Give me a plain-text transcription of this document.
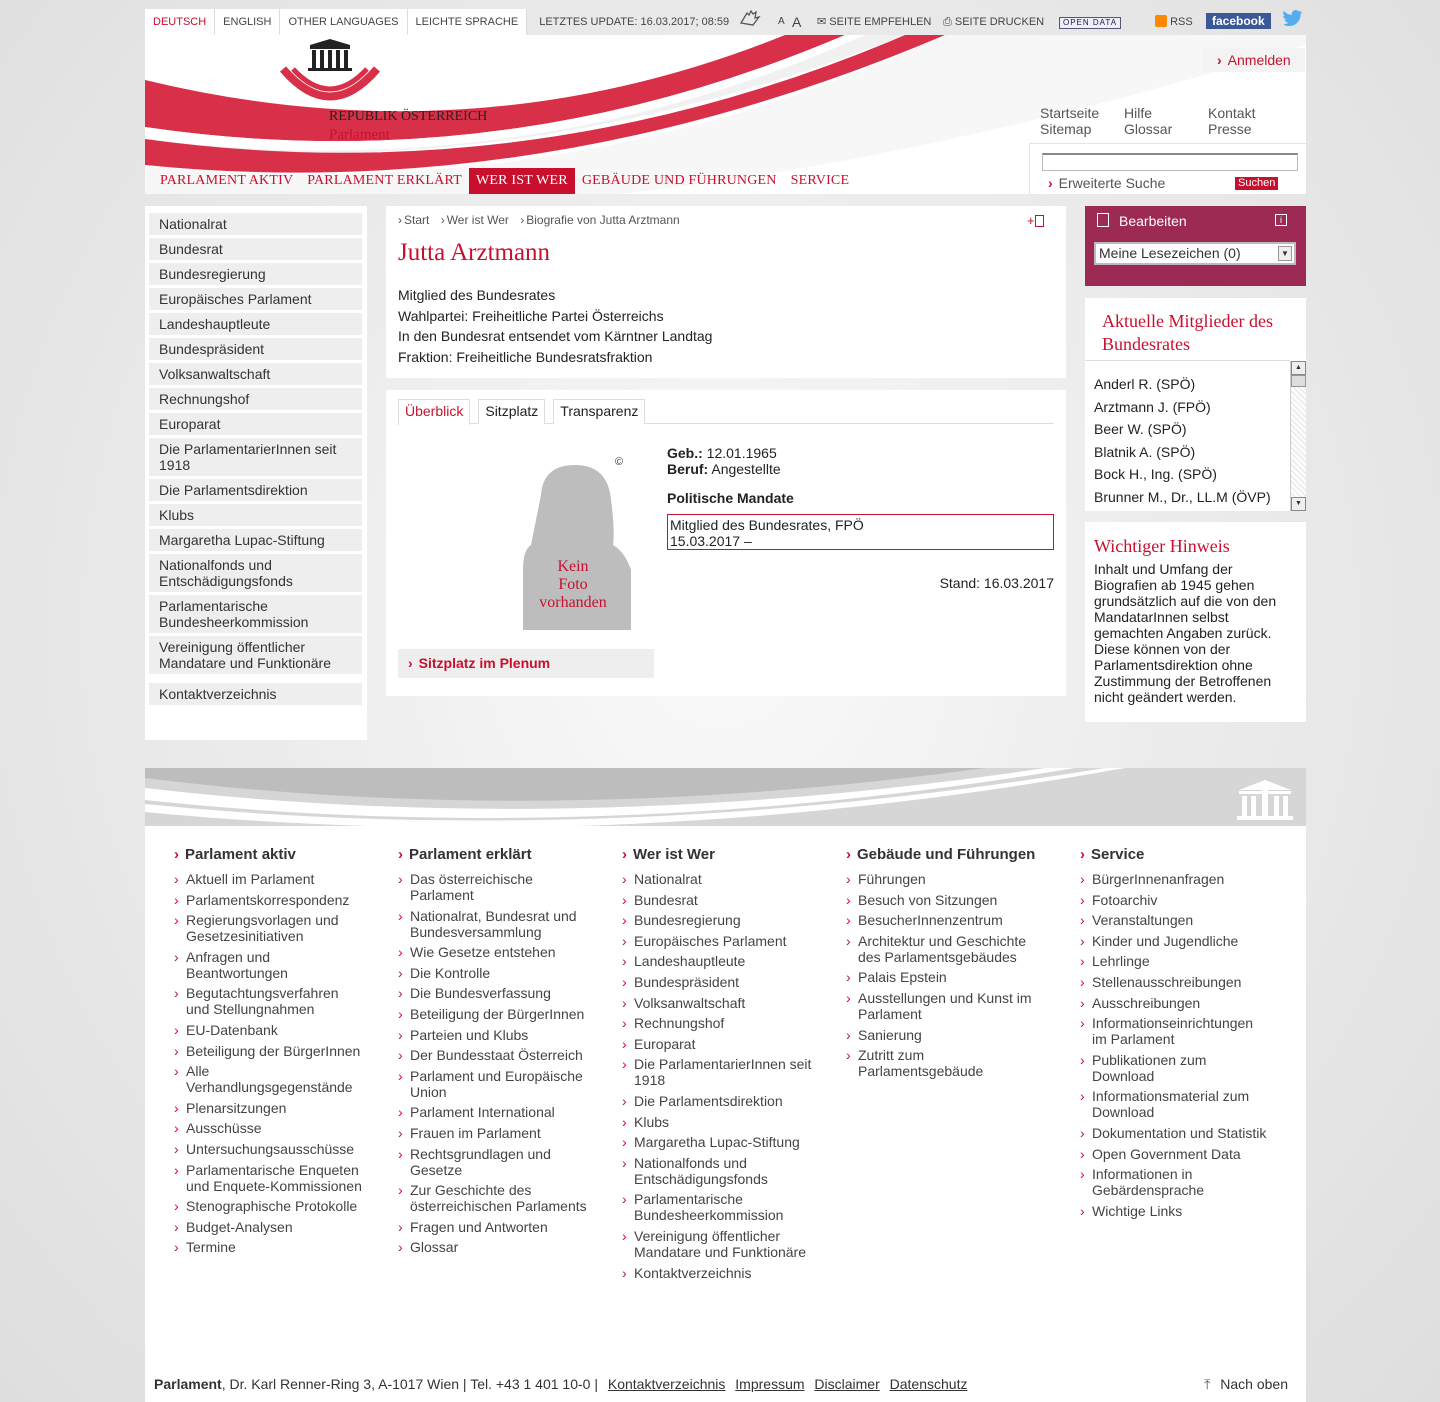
DEUTSCH	ENGLISH	OTHER LANGUAGES	LEICHTE SPRACHE	LETZTES UPDATE: 16.03.2017; 08:59	A A ✉ SEITE EMPFEHLEN ⎙ SEITE DRUCKEN	OPEN DATA	RSS	facebook
REPUBLIK ÖSTERREICH
Parlament
› Anmelden
Startseite	Hilfe	Kontakt
Sitemap	Glossar	Presse
› Erweiterte Suche	Suchen
PARLAMENT AKTIV	PARLAMENT ERKLÄRT	WER IST WER	GEBÄUDE UND FÜHRUNGEN	SERVICE
Nationalrat
Bundesrat
Bundesregierung
Europäisches Parlament
Landeshauptleute
Bundespräsident
Volksanwaltschaft
Rechnungshof
Europarat
Die ParlamentarierInnen seit 1918
Die Parlamentsdirektion
Klubs
Margaretha Lupac-Stiftung
Nationalfonds und Entschädigungsfonds
Parlamentarische Bundesheerkommission
Vereinigung öffentlicher Mandatare und Funktionäre
Kontaktverzeichnis
› Start › Wer ist Wer › Biografie von Jutta Arztmann	+
Jutta Arztmann
Mitglied des Bundesrates
Wahlpartei: Freiheitliche Partei Österreichs
In den Bundesrat entsendet vom Kärntner Landtag
Fraktion: Freiheitliche Bundesratsfraktion
Überblick	Sitzplatz	Transparenz
©
Kein
Foto
vorhanden
Geb.: 12.01.1965
Beruf: Angestellte
Politische Mandate
Mitglied des Bundesrates, FPÖ
15.03.2017 –
Stand: 16.03.2017
› Sitzplatz im Plenum
Bearbeiten	i
Meine Lesezeichen (0)	▼
Aktuelle Mitglieder des Bundesrates
Anderl R. (SPÖ)
Arztmann J. (FPÖ)
Beer W. (SPÖ)
Blatnik A. (SPÖ)
Bock H., Ing. (SPÖ)
Brunner M., Dr., LL.M (ÖVP)
▲
▼
Wichtiger Hinweis
Inhalt und Umfang der Biografien ab 1945 gehen grundsätzlich auf die von den MandatarInnen selbst gemachten Angaben zurück. Diese können von der Parlamentsdirektion ohne Zustimmung der Betroffenen nicht geändert werden.
› Parlament aktiv
› Aktuell im Parlament
› Parlamentskorrespondenz
› Regierungsvorlagen und Gesetzesinitiativen
› Anfragen und Beantwortungen
› Begutachtungsverfahren und Stellungnahmen
› EU-Datenbank
› Beteiligung der BürgerInnen
› Alle Verhandlungsgegenstände
› Plenarsitzungen
› Ausschüsse
› Untersuchungsausschüsse
› Parlamentarische Enqueten und Enquete-Kommissionen
› Stenographische Protokolle
› Budget-Analysen
› Termine
› Parlament erklärt
› Das österreichische Parlament
› Nationalrat, Bundesrat und Bundesversammlung
› Wie Gesetze entstehen
› Die Kontrolle
› Die Bundesverfassung
› Beteiligung der BürgerInnen
› Parteien und Klubs
› Der Bundesstaat Österreich
› Parlament und Europäische Union
› Parlament International
› Frauen im Parlament
› Rechtsgrundlagen und Gesetze
› Zur Geschichte des österreichischen Parlaments
› Fragen und Antworten
› Glossar
› Wer ist Wer
› Nationalrat
› Bundesrat
› Bundesregierung
› Europäisches Parlament
› Landeshauptleute
› Bundespräsident
› Volksanwaltschaft
› Rechnungshof
› Europarat
› Die ParlamentarierInnen seit 1918
› Die Parlamentsdirektion
› Klubs
› Margaretha Lupac-Stiftung
› Nationalfonds und Entschädigungsfonds
› Parlamentarische Bundesheerkommission
› Vereinigung öffentlicher Mandatare und Funktionäre
› Kontaktverzeichnis
› Gebäude und Führungen
› Führungen
› Besuch von Sitzungen
› BesucherInnenzentrum
› Architektur und Geschichte des Parlamentsgebäudes
› Palais Epstein
› Ausstellungen und Kunst im Parlament
› Sanierung
› Zutritt zum Parlamentsgebäude
› Service
› BürgerInnenanfragen
› Fotoarchiv
› Veranstaltungen
› Kinder und Jugendliche
› Lehrlinge
› Stellenausschreibungen
› Ausschreibungen
› Informationseinrichtungen im Parlament
› Publikationen zum Download
› Informationsmaterial zum Download
› Dokumentation und Statistik
› Open Government Data
› Informationen in Gebärdensprache
› Wichtige Links
Parlament, Dr. Karl Renner-Ring 3, A-1017 Wien | Tel. +43 1 401 10-0 | Kontaktverzeichnis Impressum Disclaimer Datenschutz	⤒ Nach oben
